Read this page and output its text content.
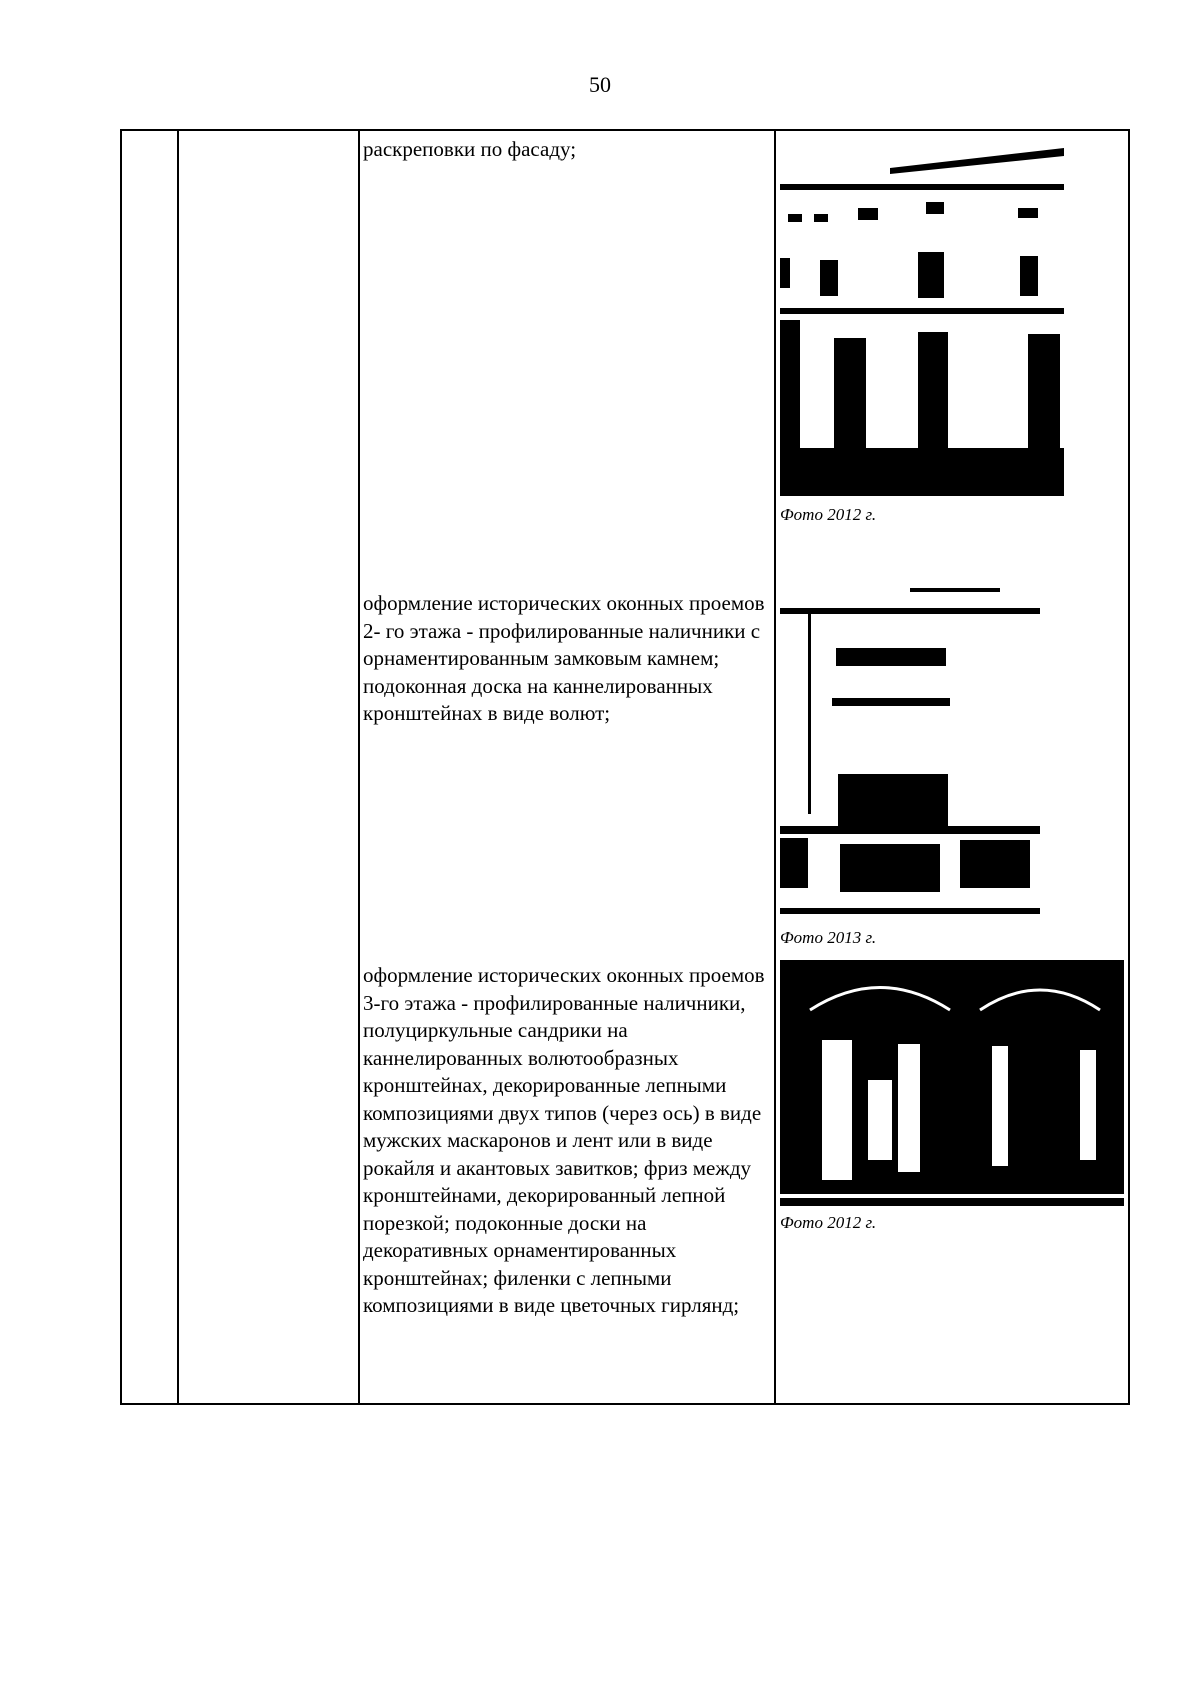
50
раскреповки по фасаду;
Фото 2012 г.
оформление исторических оконных проемов 2- го этажа - профилированные наличники с орнаментированным замковым камнем; подоконная доска на каннелированных кронштейнах в виде волют;
Фото 2013 г.
оформление исторических оконных проемов 3-го этажа - профилированные наличники, полуциркульные сандрики на каннелированных волютообразных кронштейнах, декорированные лепными композициями двух типов (через ось) в виде мужских маскаронов и лент или в виде рокайля и акантовых завитков; фриз между кронштейнами, декорированный лепной порезкой; подоконные доски на декоративных орнаментированных кронштейнах; филенки с лепными композициями в виде цветочных гирлянд;
Фото 2012 г.
